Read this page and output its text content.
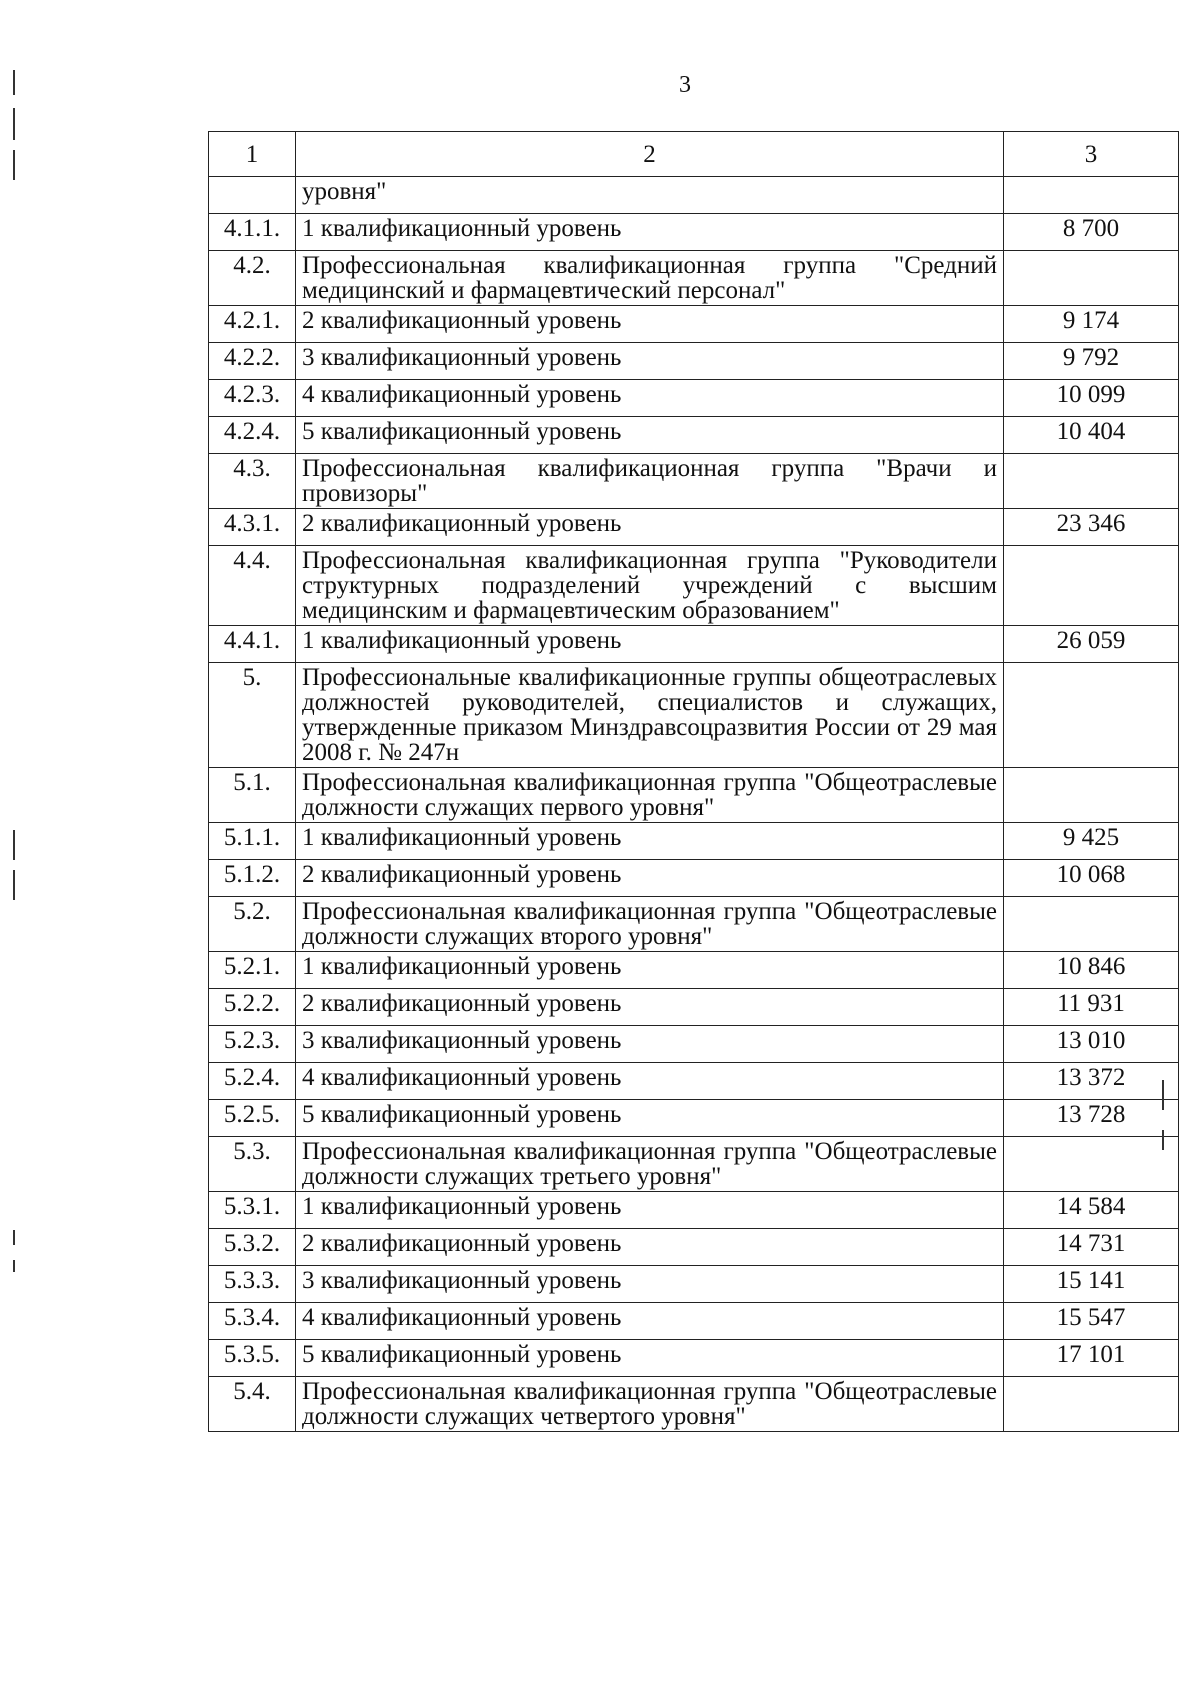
3
1	2	3
	уровня"	
4.1.1.	1 квалификационный уровень	8 700
4.2.	Профессиональная квалификационная группа "Средний медицинский и фармацевтический персонал"	
4.2.1.	2 квалификационный уровень	9 174
4.2.2.	3 квалификационный уровень	9 792
4.2.3.	4 квалификационный уровень	10 099
4.2.4.	5 квалификационный уровень	10 404
4.3.	Профессиональная квалификационная группа "Врачи и провизоры"	
4.3.1.	2 квалификационный уровень	23 346
4.4.	Профессиональная квалификационная группа "Руководители структурных подразделений учреждений с высшим медицинским и фармацевтическим образованием"	
4.4.1.	1 квалификационный уровень	26 059
5.	Профессиональные квалификационные группы общеотраслевых должностей руководителей, специалистов и служащих, утвержденные приказом Минздравсоцразвития России от 29 мая 2008 г. № 247н	
5.1.	Профессиональная квалификационная группа "Общеотраслевые должности служащих первого уровня"	
5.1.1.	1 квалификационный уровень	9 425
5.1.2.	2 квалификационный уровень	10 068
5.2.	Профессиональная квалификационная группа "Общеотраслевые должности служащих второго уровня"	
5.2.1.	1 квалификационный уровень	10 846
5.2.2.	2 квалификационный уровень	11 931
5.2.3.	3 квалификационный уровень	13 010
5.2.4.	4 квалификационный уровень	13 372
5.2.5.	5 квалификационный уровень	13 728
5.3.	Профессиональная квалификационная группа "Общеотраслевые должности служащих третьего уровня"	
5.3.1.	1 квалификационный уровень	14 584
5.3.2.	2 квалификационный уровень	14 731
5.3.3.	3 квалификационный уровень	15 141
5.3.4.	4 квалификационный уровень	15 547
5.3.5.	5 квалификационный уровень	17 101
5.4.	Профессиональная квалификационная группа "Общеотраслевые должности служащих четвертого уровня"	
